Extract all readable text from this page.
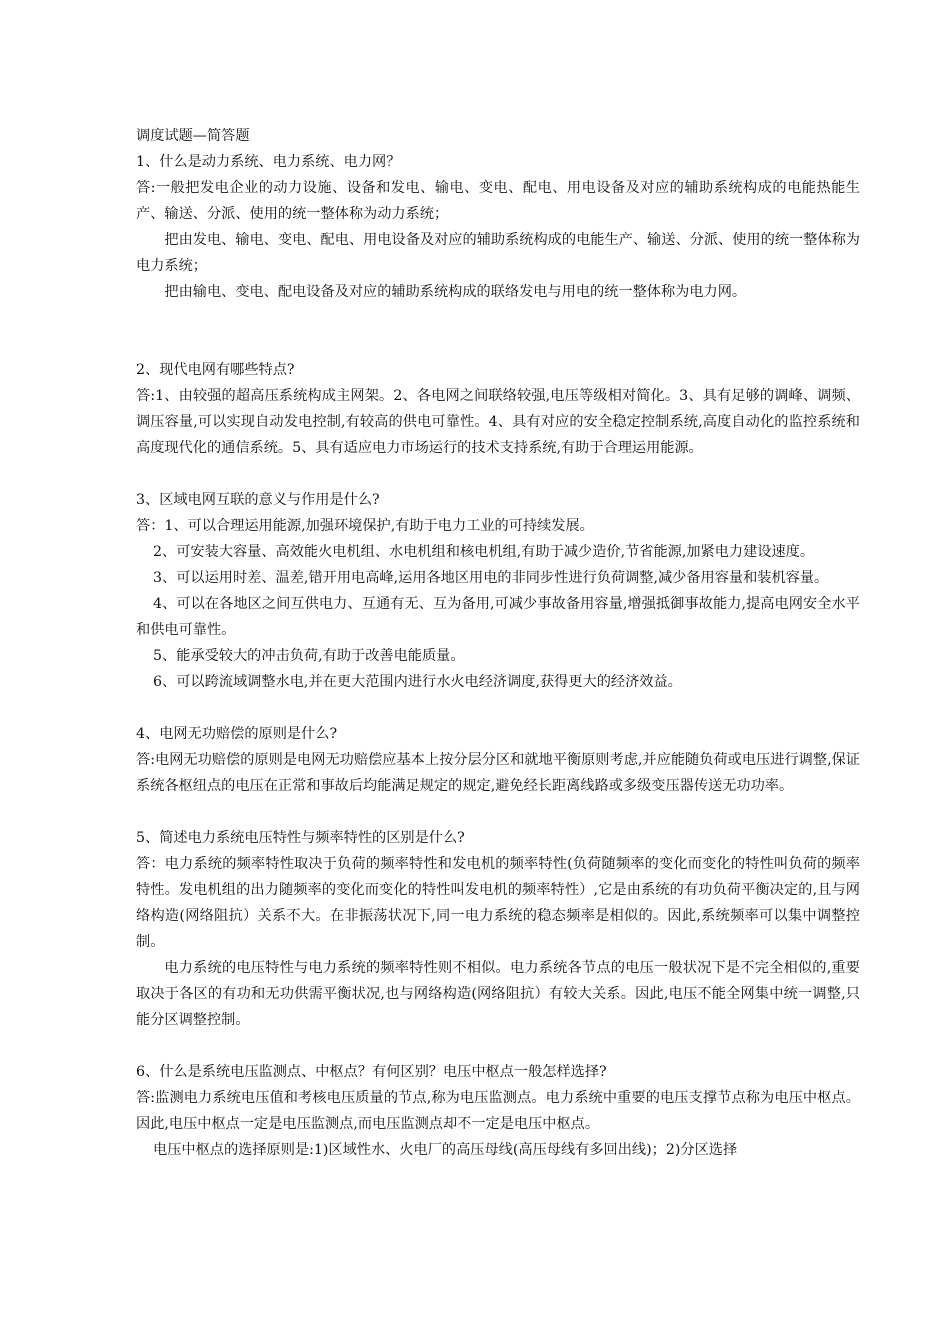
调度试题—简答题
1、什么是动力系统、电力系统、电力网？

答:一般把发电企业的动力设施、设备和发电、输电、变电、配电、用电设备及对应的辅助系统构成的电能热能生产、输送、分派、使用的统一整体称为动力系统；

把由发电、输电、变电、配电、用电设备及对应的辅助系统构成的电能生产、输送、分派、使用的统一整体称为电力系统；

把由输电、变电、配电设备及对应的辅助系统构成的联络发电与用电的统一整体称为电力网。

2、现代电网有哪些特点?

答:1、由较强的超高压系统构成主网架。2、各电网之间联络较强,电压等级相对简化。3、具有足够的调峰、调频、调压容量,可以实现自动发电控制,有较高的供电可靠性。4、具有对应的安全稳定控制系统,高度自动化的监控系统和高度现代化的通信系统。5、具有适应电力市场运行的技术支持系统,有助于合理运用能源。

3、区域电网互联的意义与作用是什么?

答：1、可以合理运用能源,加强环境保护,有助于电力工业的可持续发展。

2、可安装大容量、高效能火电机组、水电机组和核电机组,有助于减少造价,节省能源,加紧电力建设速度。

3、可以运用时差、温差,错开用电高峰,运用各地区用电的非同步性进行负荷调整,减少备用容量和装机容量。

4、可以在各地区之间互供电力、互通有无、互为备用,可减少事故备用容量,增强抵御事故能力,提高电网安全水平和供电可靠性。

5、能承受较大的冲击负荷,有助于改善电能质量。

6、可以跨流域调整水电,并在更大范围内进行水火电经济调度,获得更大的经济效益。

4、电网无功赔偿的原则是什么?

答:电网无功赔偿的原则是电网无功赔偿应基本上按分层分区和就地平衡原则考虑,并应能随负荷或电压进行调整,保证系统各枢纽点的电压在正常和事故后均能满足规定的规定,避免经长距离线路或多级变压器传送无功功率。

5、简述电力系统电压特性与频率特性的区别是什么?

答：电力系统的频率特性取决于负荷的频率特性和发电机的频率特性(负荷随频率的变化而变化的特性叫负荷的频率特性。发电机组的出力随频率的变化而变化的特性叫发电机的频率特性）,它是由系统的有功负荷平衡决定的,且与网络构造(网络阻抗）关系不大。在非振荡状况下,同一电力系统的稳态频率是相似的。因此,系统频率可以集中调整控制。

电力系统的电压特性与电力系统的频率特性则不相似。电力系统各节点的电压一般状况下是不完全相似的,重要取决于各区的有功和无功供需平衡状况,也与网络构造(网络阻抗）有较大关系。因此,电压不能全网集中统一调整,只能分区调整控制。

6、什么是系统电压监测点、中枢点？有何区别？电压中枢点一般怎样选择?

答:监测电力系统电压值和考核电压质量的节点,称为电压监测点。电力系统中重要的电压支撑节点称为电压中枢点。因此,电压中枢点一定是电压监测点,而电压监测点却不一定是电压中枢点。

电压中枢点的选择原则是:1)区域性水、火电厂的高压母线(高压母线有多回出线)；2)分区选择
